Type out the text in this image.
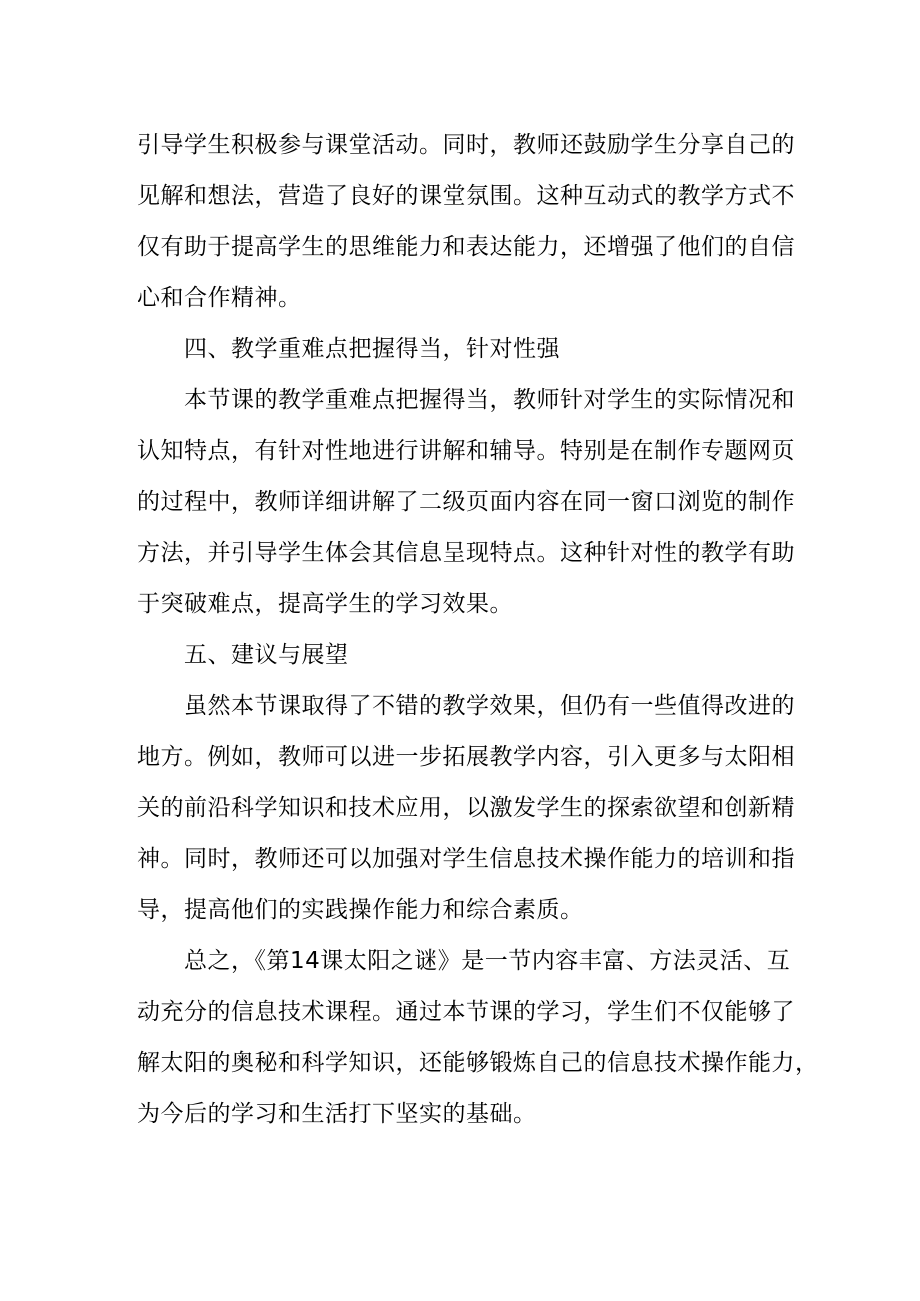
引导学生积极参与课堂活动。同时，教师还鼓励学生分享自己的
见解和想法，营造了良好的课堂氛围。这种互动式的教学方式不
仅有助于提高学生的思维能力和表达能力，还增强了他们的自信
心和合作精神。
四、教学重难点把握得当，针对性强
本节课的教学重难点把握得当，教师针对学生的实际情况和
认知特点，有针对性地进行讲解和辅导。特别是在制作专题网页
的过程中，教师详细讲解了二级页面内容在同一窗口浏览的制作
方法，并引导学生体会其信息呈现特点。这种针对性的教学有助
于突破难点，提高学生的学习效果。
五、建议与展望
虽然本节课取得了不错的教学效果，但仍有一些值得改进的
地方。例如，教师可以进一步拓展教学内容，引入更多与太阳相
关的前沿科学知识和技术应用，以激发学生的探索欲望和创新精
神。同时，教师还可以加强对学生信息技术操作能力的培训和指
导，提高他们的实践操作能力和综合素质。
总之，《第14课太阳之谜》是一节内容丰富、方法灵活、互
动充分的信息技术课程。通过本节课的学习，学生们不仅能够了
解太阳的奥秘和科学知识，还能够锻炼自己的信息技术操作能力，
为今后的学习和生活打下坚实的基础。
